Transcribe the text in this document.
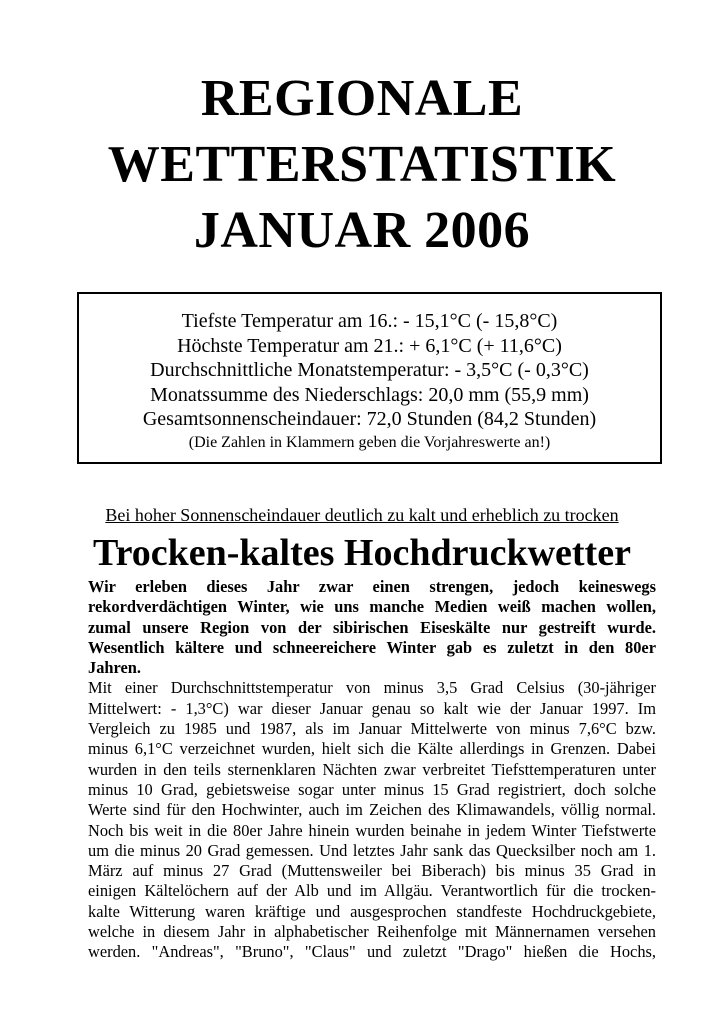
REGIONALE
WETTERSTATISTIK
JANUAR 2006
Tiefste Temperatur am 16.: - 15,1°C (- 15,8°C)
Höchste Temperatur am 21.: + 6,1°C (+ 11,6°C)
Durchschnittliche Monatstemperatur: - 3,5°C (- 0,3°C)
Monatssumme des Niederschlags: 20,0 mm (55,9 mm)
Gesamtsonnenscheindauer: 72,0 Stunden (84,2 Stunden)
(Die Zahlen in Klammern geben die Vorjahreswerte an!)
Bei hoher Sonnenscheindauer deutlich zu kalt und erheblich zu trocken
Trocken-kaltes Hochdruckwetter
Wir erleben dieses Jahr zwar einen strengen, jedoch keineswegs
rekordverdächtigen Winter, wie uns manche Medien weiß machen wollen,
zumal unsere Region von der sibirischen Eiseskälte nur gestreift wurde.
Wesentlich kältere und schneereichere Winter gab es zuletzt in den 80er
Jahren.
Mit einer Durchschnittstemperatur von minus 3,5 Grad Celsius (30-jähriger
Mittelwert: - 1,3°C) war dieser Januar genau so kalt wie der Januar 1997. Im
Vergleich zu 1985 und 1987, als im Januar Mittelwerte von minus 7,6°C bzw.
minus 6,1°C verzeichnet wurden, hielt sich die Kälte allerdings in Grenzen. Dabei
wurden in den teils sternenklaren Nächten zwar verbreitet Tiefsttemperaturen unter
minus 10 Grad, gebietsweise sogar unter minus 15 Grad registriert, doch solche
Werte sind für den Hochwinter, auch im Zeichen des Klimawandels, völlig normal.
Noch bis weit in die 80er Jahre hinein wurden beinahe in jedem Winter Tiefstwerte
um die minus 20 Grad gemessen. Und letztes Jahr sank das Quecksilber noch am 1.
März auf minus 27 Grad (Muttensweiler bei Biberach) bis minus 35 Grad in
einigen Kältelöchern auf der Alb und im Allgäu. Verantwortlich für die trocken-
kalte Witterung waren kräftige und ausgesprochen standfeste Hochdruckgebiete,
welche in diesem Jahr in alphabetischer Reihenfolge mit Männernamen versehen
werden. "Andreas", "Bruno", "Claus" und zuletzt "Drago" hießen die Hochs,
